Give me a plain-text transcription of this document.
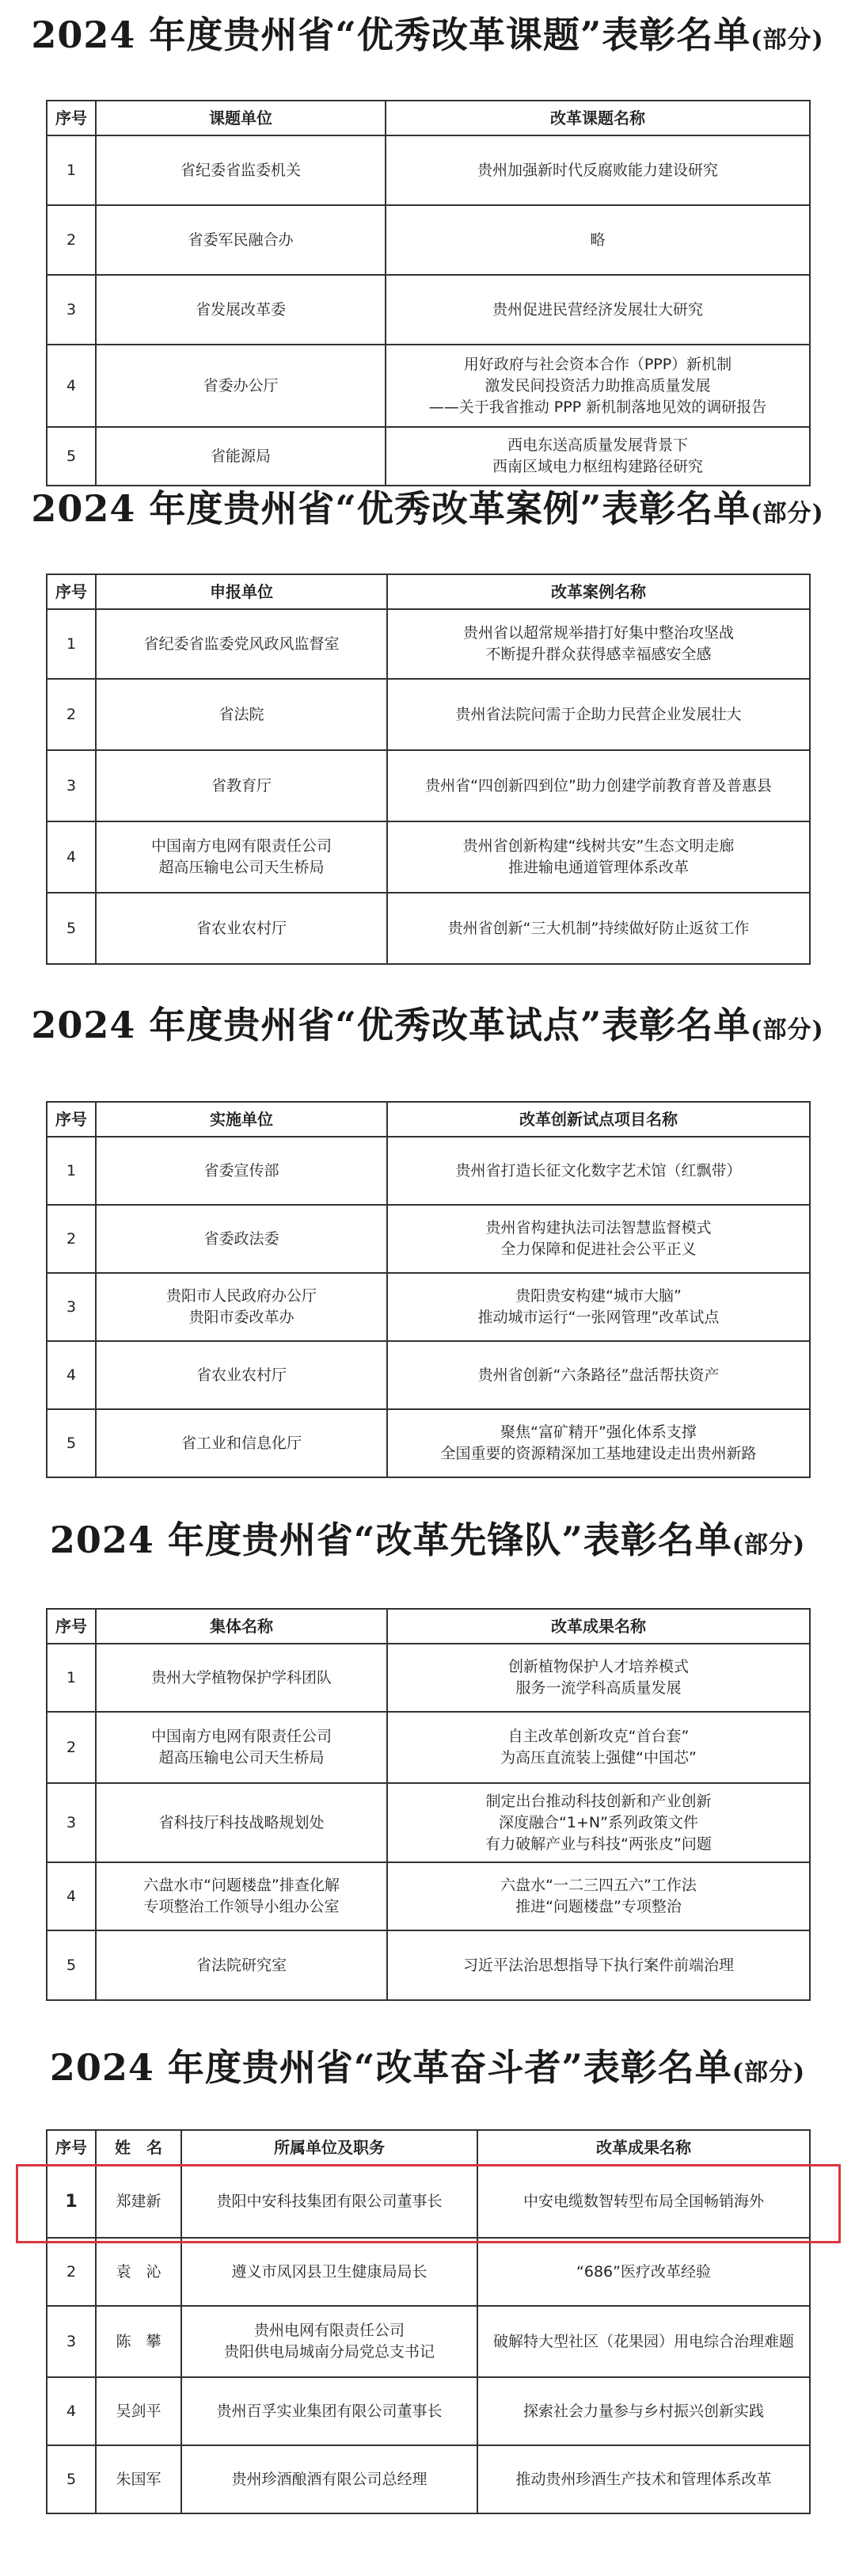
2024 年度贵州省“优秀改革课题”表彰名单(部分)
序号	课题单位	改革课题名称
1	省纪委省监委机关	贵州加强新时代反腐败能力建设研究
2	省委军民融合办	略
3	省发展改革委	贵州促进民营经济发展壮大研究
4	省委办公厅	用好政府与社会资本合作（PPP）新机制
激发民间投资活力助推高质量发展
——关于我省推动 PPP 新机制落地见效的调研报告
5	省能源局	西电东送高质量发展背景下
西南区域电力枢纽构建路径研究
2024 年度贵州省“优秀改革案例”表彰名单(部分)
序号	申报单位	改革案例名称
1	省纪委省监委党风政风监督室	贵州省以超常规举措打好集中整治攻坚战
不断提升群众获得感幸福感安全感
2	省法院	贵州省法院问需于企助力民营企业发展壮大
3	省教育厅	贵州省“四创新四到位”助力创建学前教育普及普惠县
4	中国南方电网有限责任公司
超高压输电公司天生桥局	贵州省创新构建“线树共安”生态文明走廊
推进输电通道管理体系改革
5	省农业农村厅	贵州省创新“三大机制”持续做好防止返贫工作
2024 年度贵州省“优秀改革试点”表彰名单(部分)
序号	实施单位	改革创新试点项目名称
1	省委宣传部	贵州省打造长征文化数字艺术馆（红飘带）
2	省委政法委	贵州省构建执法司法智慧监督模式
全力保障和促进社会公平正义
3	贵阳市人民政府办公厅
贵阳市委改革办	贵阳贵安构建“城市大脑”
推动城市运行“一张网管理”改革试点
4	省农业农村厅	贵州省创新“六条路径”盘活帮扶资产
5	省工业和信息化厅	聚焦“富矿精开”强化体系支撑
全国重要的资源精深加工基地建设走出贵州新路
2024 年度贵州省“改革先锋队”表彰名单(部分)
序号	集体名称	改革成果名称
1	贵州大学植物保护学科团队	创新植物保护人才培养模式
服务一流学科高质量发展
2	中国南方电网有限责任公司
超高压输电公司天生桥局	自主改革创新攻克“首台套”
为高压直流装上强健“中国芯”
3	省科技厅科技战略规划处	制定出台推动科技创新和产业创新
深度融合“1+N”系列政策文件
有力破解产业与科技“两张皮”问题
4	六盘水市“问题楼盘”排查化解
专项整治工作领导小组办公室	六盘水“一二三四五六”工作法
推进“问题楼盘”专项整治
5	省法院研究室	习近平法治思想指导下执行案件前端治理
2024 年度贵州省“改革奋斗者”表彰名单(部分)
序号	姓　名	所属单位及职务	改革成果名称
1	郑建新	贵阳中安科技集团有限公司董事长	中安电缆数智转型布局全国畅销海外
2	袁　沁	遵义市凤冈县卫生健康局局长	“686”医疗改革经验
3	陈　攀	贵州电网有限责任公司
贵阳供电局城南分局党总支书记	破解特大型社区（花果园）用电综合治理难题
4	吴剑平	贵州百孚实业集团有限公司董事长	探索社会力量参与乡村振兴创新实践
5	朱国军	贵州珍酒酿酒有限公司总经理	推动贵州珍酒生产技术和管理体系改革
